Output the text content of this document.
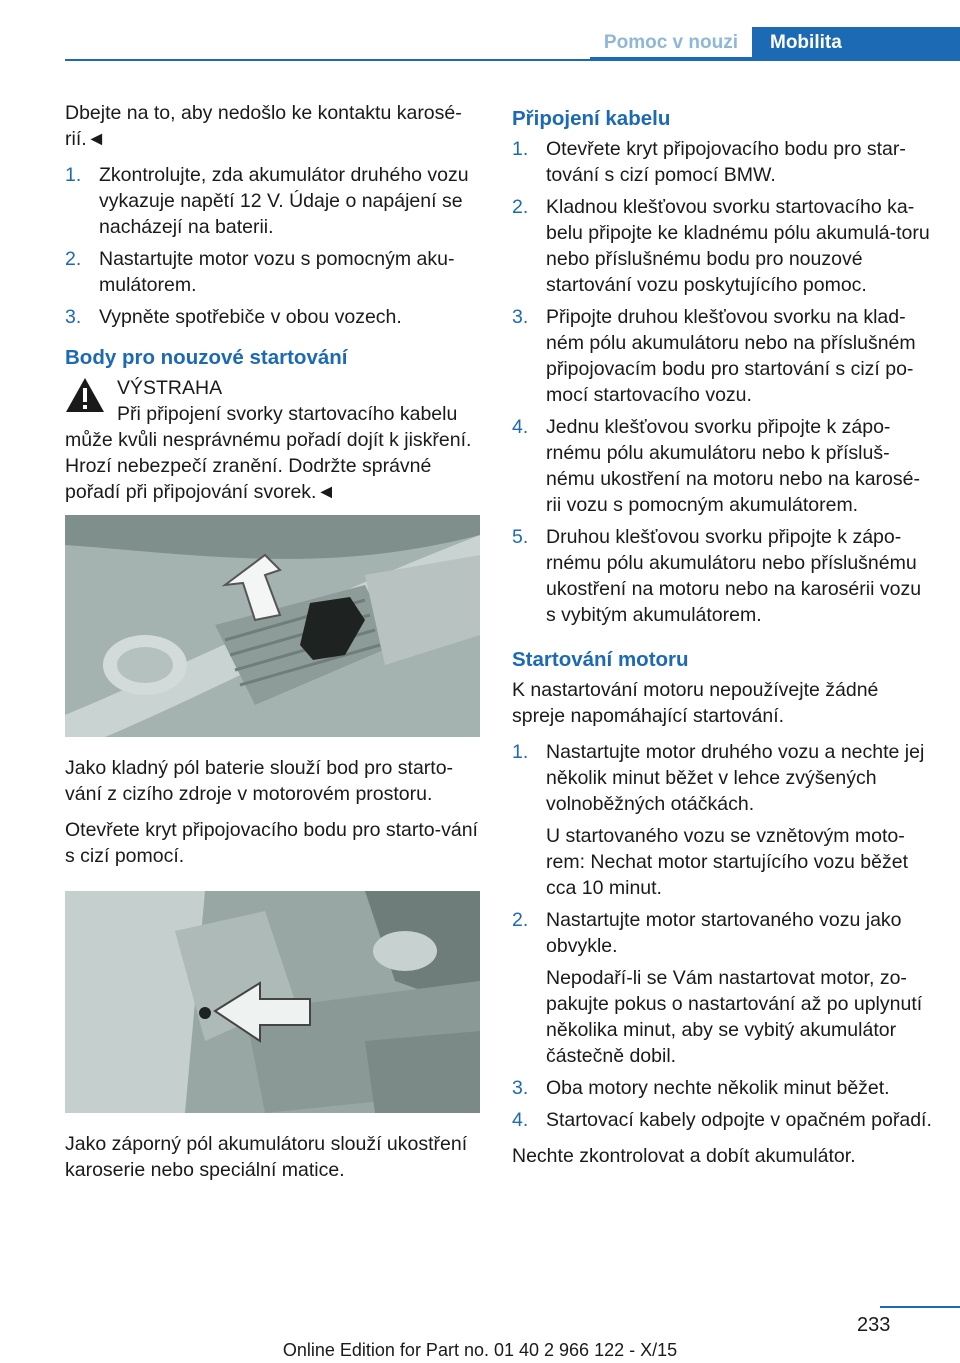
Pomoc v nouzi	Mobilita

Dbejte na to, aby nedošlo ke kontaktu karosé-rií.◄

1. Zkontrolujte, zda akumulátor druhého vozu vykazuje napětí 12 V. Údaje o napájení se nacházejí na baterii.
2. Nastartujte motor vozu s pomocným aku-mulátorem.
3. Vypněte spotřebiče v obou vozech.
Body pro nouzové startování

VÝSTRAHA

Při připojení svorky startovacího kabelu může kvůli nesprávnému pořadí dojít k jiskření. Hrozí nebezpečí zranění. Dodržte správné pořadí při připojování svorek.◄

Jako kladný pól baterie slouží bod pro starto-vání z cizího zdroje v motorovém prostoru.

Otevřete kryt připojovacího bodu pro starto-vání s cizí pomocí.

Jako záporný pól akumulátoru slouží ukostření karoserie nebo speciální matice.

Připojení kabelu
1. Otevřete kryt připojovacího bodu pro star-tování s cizí pomocí BMW.
2. Kladnou klešťovou svorku startovacího ka-belu připojte ke kladnému pólu akumulá-toru nebo příslušnému bodu pro nouzové startování vozu poskytujícího pomoc.
3. Připojte druhou klešťovou svorku na klad-ném pólu akumulátoru nebo na příslušném připojovacím bodu pro startování s cizí po-mocí startovacího vozu.
4. Jednu klešťovou svorku připojte k zápo-rnému pólu akumulátoru nebo k přísluš-nému ukostření na motoru nebo na karosé-rii vozu s pomocným akumulátorem.
5. Druhou klešťovou svorku připojte k zápo-rnému pólu akumulátoru nebo příslušnému ukostření na motoru nebo na karosérii vozu s vybitým akumulátorem.
Startování motoru

K nastartování motoru nepoužívejte žádné spreje napomáhající startování.

1. Nastartujte motor druhého vozu a nechte jej několik minut běžet v lehce zvýšených volnoběžných otáčkách.
U startovaného vozu se vznětovým moto-rem: Nechat motor startujícího vozu běžet cca 10 minut.
2. Nastartujte motor startovaného vozu jako obvykle.
Nepodaří-li se Vám nastartovat motor, zo-pakujte pokus o nastartování až po uplynutí několika minut, aby se vybitý akumulátor částečně dobil.
3. Oba motory nechte několik minut běžet.
4. Startovací kabely odpojte v opačném pořadí.

Nechte zkontrolovat a dobít akumulátor.

233
Online Edition for Part no. 01 40 2 966 122 - X/15
